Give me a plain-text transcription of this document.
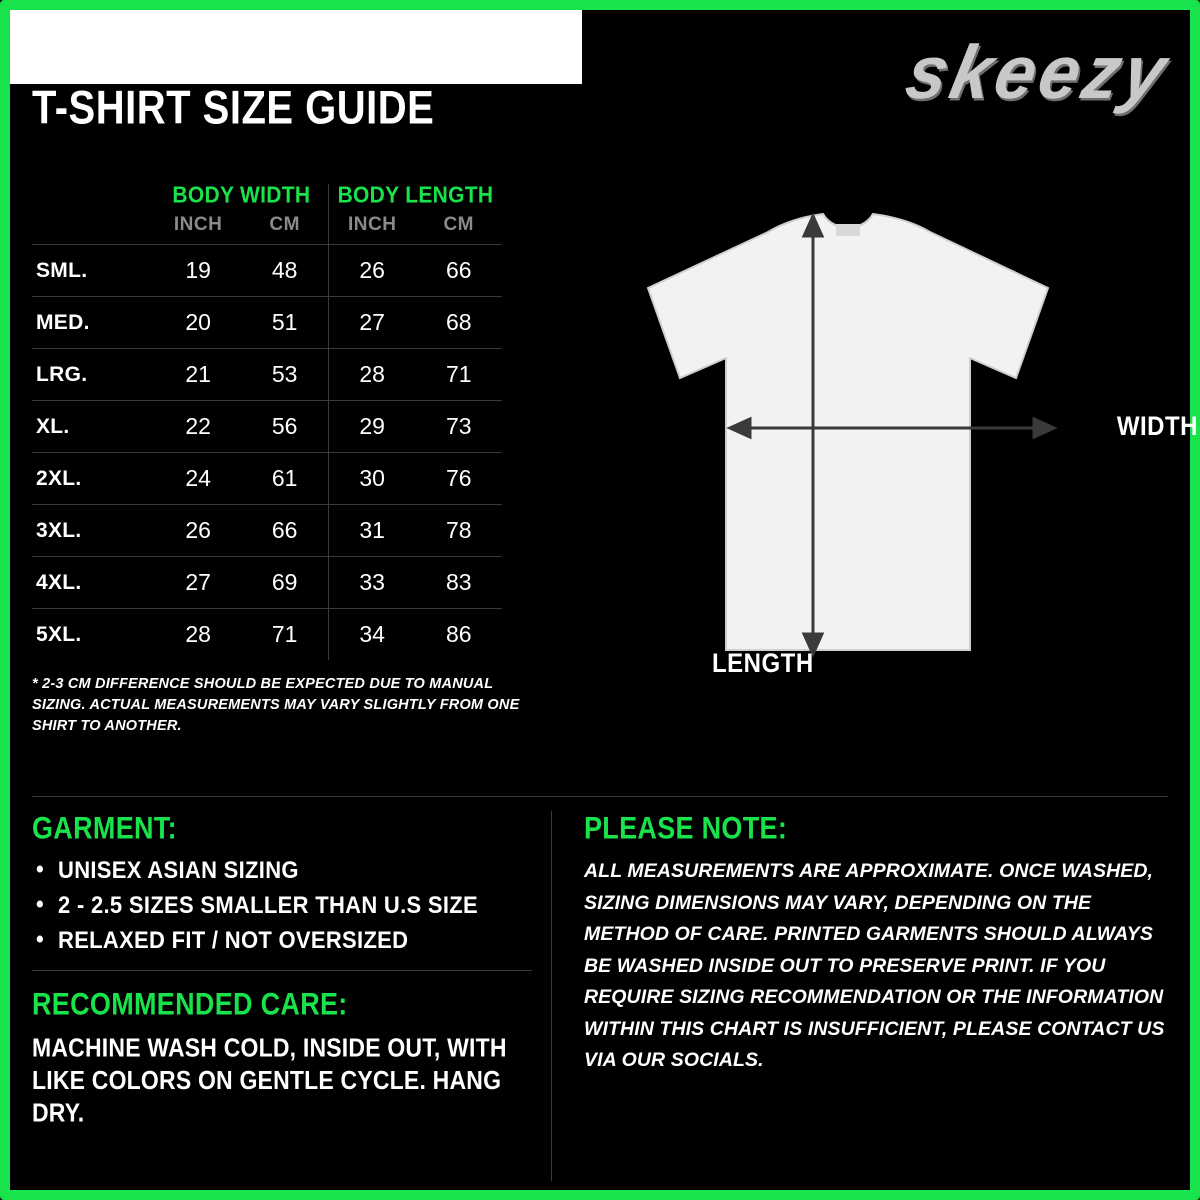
T-SHIRT SIZE GUIDE	skeezy
	BODY WIDTH		BODY LENGTH	
	INCH	CM	INCH	CM
SML.	19	48	26	66
MED.	20	51	27	68
LRG.	21	53	28	71
XL.	22	56	29	73
2XL.	24	61	30	76
3XL.	26	66	31	78
4XL.	27	69	33	83
5XL.	28	71	34	86
* 2-3 CM DIFFERENCE SHOULD BE EXPECTED DUE TO MANUAL SIZING. ACTUAL MEASUREMENTS MAY VARY SLIGHTLY FROM ONE SHIRT TO ANOTHER.
WIDTH
LENGTH
GARMENT:
• UNISEX ASIAN SIZING
• 2 - 2.5 SIZES SMALLER THAN U.S SIZE
• RELAXED FIT / NOT OVERSIZED
RECOMMENDED CARE:
MACHINE WASH COLD, INSIDE OUT, WITH LIKE COLORS ON GENTLE CYCLE. HANG DRY.
PLEASE NOTE:
ALL MEASUREMENTS ARE APPROXIMATE. ONCE WASHED, SIZING DIMENSIONS MAY VARY, DEPENDING ON THE METHOD OF CARE. PRINTED GARMENTS SHOULD ALWAYS BE WASHED INSIDE OUT TO PRESERVE PRINT. IF YOU REQUIRE SIZING RECOMMENDATION OR THE INFORMATION WITHIN THIS CHART IS INSUFFICIENT, PLEASE CONTACT US VIA OUR SOCIALS.
